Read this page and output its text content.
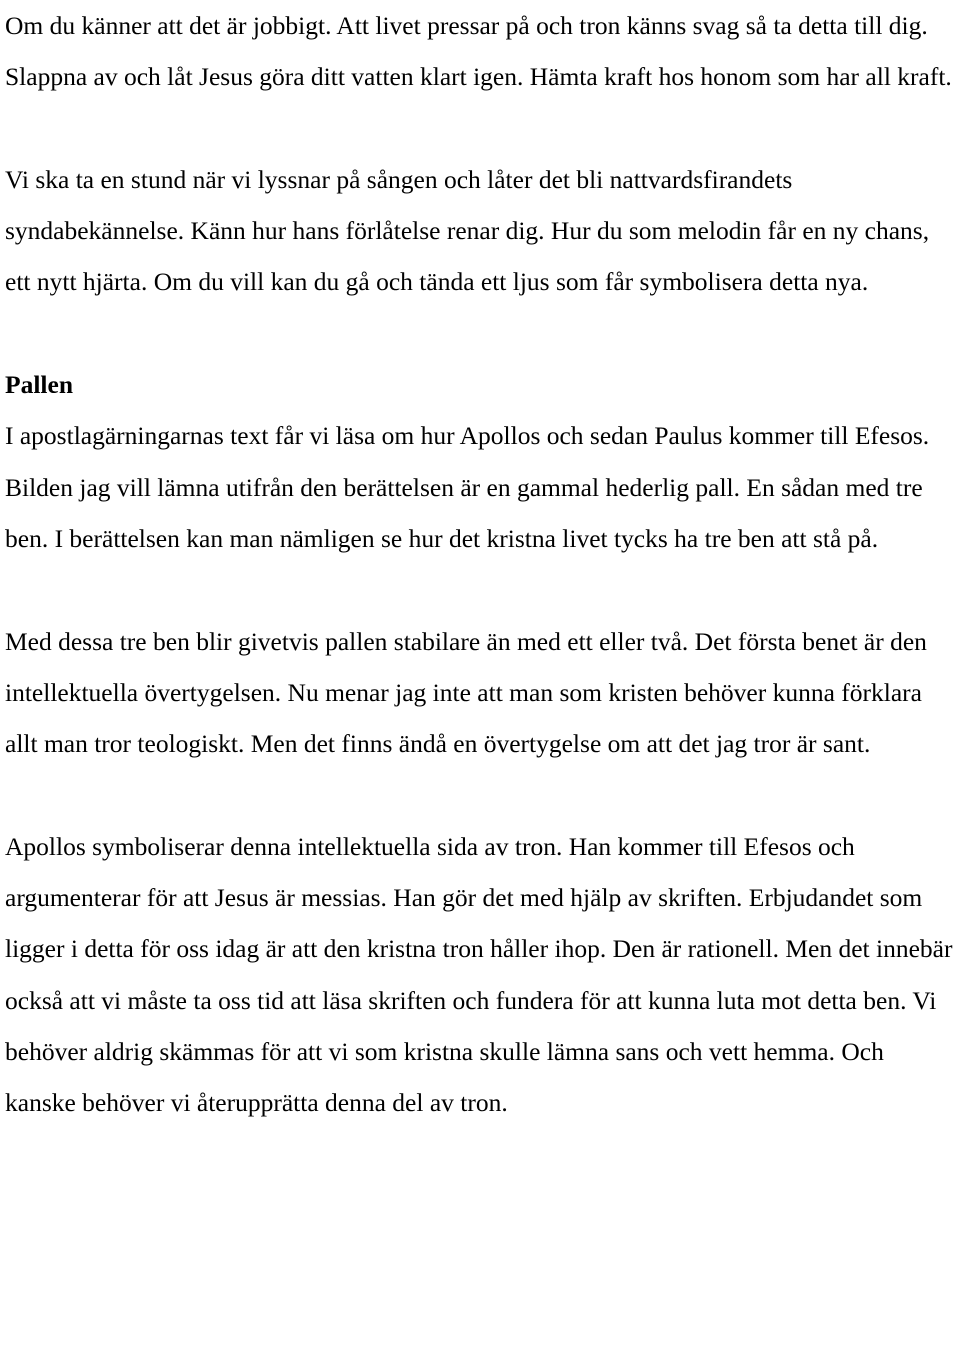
Om du känner att det är jobbigt. Att livet pressar på och tron känns svag så ta detta till dig. Slappna av och låt Jesus göra ditt vatten klart igen. Hämta kraft hos honom som har all kraft.

Vi ska ta en stund när vi lyssnar på sången och låter det bli nattvardsfirandets syndabekännelse. Känn hur hans förlåtelse renar dig. Hur du som melodin får en ny chans, ett nytt hjärta. Om du vill kan du gå och tända ett ljus som får symbolisera detta nya.

Pallen

I apostlagärningarnas text får vi läsa om hur Apollos och sedan Paulus kommer till Efesos. Bilden jag vill lämna utifrån den berättelsen är en gammal hederlig pall. En sådan med tre ben. I berättelsen kan man nämligen se hur det kristna livet tycks ha tre ben att stå på.

Med dessa tre ben blir givetvis pallen stabilare än med ett eller två. Det första benet är den intellektuella övertygelsen. Nu menar jag inte att man som kristen behöver kunna förklara allt man tror teologiskt. Men det finns ändå en övertygelse om att det jag tror är sant.

Apollos symboliserar denna intellektuella sida av tron. Han kommer till Efesos och argumenterar för att Jesus är messias. Han gör det med hjälp av skriften. Erbjudandet som ligger i detta för oss idag är att den kristna tron håller ihop. Den är rationell. Men det innebär också att vi måste ta oss tid att läsa skriften och fundera för att kunna luta mot detta ben. Vi behöver aldrig skämmas för att vi som kristna skulle lämna sans och vett hemma. Och kanske behöver vi återupprätta denna del av tron.
